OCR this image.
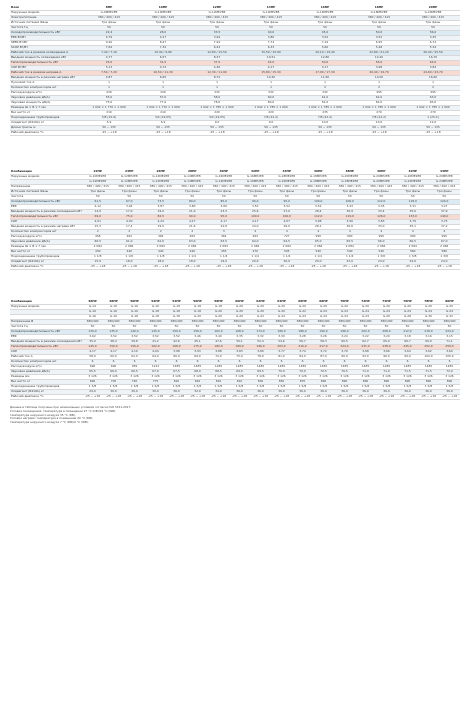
Блок	8HP	10HP	12HP	14HP	16HP	18HP	20HP
Наружные модели	G-08MЕ2E8	G-10MЕ2E8	G-12MЕ2E8	G-14MЕ2E8	G-16MЕ2E8	G-18MЕ2E8	G-20MЕ2E8
Электропитание	380 / 400 / 415	380 / 400 / 415	380 / 400 / 415	380 / 400 / 415	380 / 400 / 415	380 / 400 / 415	380 / 400 / 415
Источник питания Фазы	Три фазы	Три фазы	Три фазы	Три фазы	Три фазы	Три фазы	Три фазы
Частота Гц	50	50	50	50	50	50	50
Холодопроизводительность кВт	22,4	28,0	33,5	40,0	45,0	50,0	56,0
EER Вт/Вт	4,79	4,27	3,94	3,80	3,52	3,52	3,35
SEER Вт/Вт	9,20	8,47	7,94	7,74	7,19	6,95	6,74
SCOP Вт/Вт	7,64	7,32	6,43	6,33	5,60	5,48	5,34
Рабочий ток в режиме охлаждения A	7,40 / 7,16	10,30 / 9,80	12,80 / 12,50	15,50 / 15,90	20,10 / 19,40	22,80 / 21,20	26,40 / 25,50
Вводная мощность охлаждения кВт	4,77	6,57	8,37	10,51	12,80	14,20	16,70
Теплопроизводительность кВт	25,0	31,5	37,5	45,0	50,0	56,0	63,0
COP Вт/Вт	5,13	4,74	4,30	4,17	4,17	3,98	3,83
Рабочий ток в режиме нагрева A	7,54 / 7,29	10,50 / 11,30	12,30 / 11,90	15,80 / 15,30	17,90 / 17,30	20,40 / 19,70	24,60 / 23,70
Вводная мощность в режиме нагрева кВт	4,87	6,65	8,72	10,40	11,60	14,00	16,60
Пусковой ток A	1	1	1	1	1	1	1
Количество компрессоров шт	1	1	1	1	2	2	2
Расход воздуха м³/ч	226	226	232	232	232	495	495
Звуковое давление дБ(А)	55,0	57,0	58,0	60,0	61,0	62,0	63,0
Звуковая мощность дБ(А)	75,0	77,0	78,0	80,0	81,0	82,0	83,0
Размеры Ш × В × Г мм	1 042 × 1 770 × 1 000	1 042 × 1 770 × 1 000	1 042 × 1 785 × 1 000	1 042 × 1 785 × 1 000	1 042 × 1 785 × 1 000	1 042 × 1 785 × 1 000	1 042 × 1 785 × 1 000
Вес нетто кг	210	210	220	220	235	270	270
Подсоединение трубопроводов	5/8 (15,9)	3/4 (19,05)	3/4 (19,05)	7/8 (22,2)	7/8 (22,2)	7/8 (22,2)	1 (25,4)
Хладагент (R410A) кг	5,9	6,9	9,0	9,0	10,0	10,0	12,0
Длина трассы м	50 ~ 135	50 ~ 135	50 ~ 135	50 ~ 135	50 ~ 135	50 ~ 135	50 ~ 135
Рабочий диапазон °C	-25 ~ +18	-25 ~ +18	-25 ~ +18	-25 ~ +18	-25 ~ +18	-25 ~ +18	-25 ~ +18
Комбинация	22HP	24HP	26HP	28HP	30HP	32HP	34HP	36HP	38HP	40HP	42HP	44HP
Наружные модели	G-10MЕ2E8	G-12MЕ2E8	G-14MЕ2E8	G-14MЕ2E8	G-16MЕ2E8	G-16MЕ2E8	G-18MЕ2E8	G-18MЕ2E8	G-20MЕ2E8	G-20MЕ2E8	G-20MЕ2E8	G-20MЕ2E8
	G-12MЕ2E8	G-12MЕ2E8	G-12MЕ2E8	G-14MЕ2E8	G-14MЕ2E8	G-16MЕ2E8	G-16MЕ2E8	G-18MЕ2E8	G-18MЕ2E8	G-20MЕ2E8	G-22MЕ2E8	G-24MЕ2E8
Напряжение	380 / 400 / 415	380 / 400 / 415	380 / 400 / 415	380 / 400 / 415	380 / 400 / 415	380 / 400 / 415	380 / 400 / 415	380 / 400 / 415	380 / 400 / 415	380 / 400 / 415	380 / 400 / 415	380 / 400 / 415
Источник питания Фазы	Три фазы	Три фазы	Три фазы	Три фазы	Три фазы	Три фазы	Три фазы	Три фазы	Три фазы	Три фазы	Три фазы	Три фазы
Частота	50	50	50	50	50	50	50	50	50	50	50	50
Холодопроизводительность кВт	61,5	67,0	73,5	80,0	85,0	90,0	95,0	100,0	106,0	112,0	118,0	124,0
EER	4,12	3,94	3,87	3,80	3,66	3,52	3,52	3,52	3,43	3,35	3,31	3,27
Вводная мощность в режиме охлаждения кВт	14,9	17,0	19,0	21,0	23,3	25,6	27,0	28,4	30,9	33,4	35,6	37,9
Теплопроизводительность кВт	69,0	75,0	82,5	90,0	95,0	100,0	106,0	112,0	119,0	126,0	133,0	140,0
COP	4,51	4,30	4,24	4,17	4,17	4,17	4,07	3,98	3,90	3,83	3,79	3,75
Вводная мощность в режиме нагрева кВт	15,3	17,4	19,5	21,6	22,8	24,0	26,0	28,1	30,6	33,0	35,1	37,2
Количество компрессоров шт	2	2	2	2	3	4	4	4	4	4	4	4
Расход воздуха м³/ч	458	464	464	464	464	464	727	990	990	990	990	990
Звуковое давление дБ(А)	60,5	61,0	62,0	63,0	63,5	64,0	64,5	65,0	65,5	66,0	66,5	67,0
Размеры Ш × В × Г мм	2 084	2 084	2 084	2 084	2 084	2 084	2 084	2 084	2 084	2 084	2 084	2 084
Вес нетто кг	430	440	440	440	455	470	505	540	540	540	560	580
Подсоединение трубопроводов	1 1/8	1 1/8	1 1/8	1 1/4	1 1/4	1 1/4	1 1/4	1 1/4	1 1/4	1 3/8	1 3/8	1 3/8
Хладагент (R410A) кг	15,9	18,0	18,0	18,0	19,0	20,0	20,0	20,0	22,0	24,0	24,0	24,0
Рабочий диапазон °C	-25 ~ +18	-25 ~ +18	-25 ~ +18	-25 ~ +18	-25 ~ +18	-25 ~ +18	-25 ~ +18	-25 ~ +18	-25 ~ +18	-25 ~ +18	-25 ~ +18	-25 ~ +18
Комбинация	46HP	48HP	50HP	52HP	54HP	56HP	58HP	60HP	62HP	64HP	66HP	68HP	70HP	72HP	74HP	76HP	78HP	80HP
Наружные модели	G-14	G-16	G-16	G-16	G-18	G-18	G-18	G-20	G-20	G-20	G-20	G-20	G-20	G-20	G-20	G-20	G-20	G-20
	G-16	G-16	G-16	G-18	G-18	G-18	G-20	G-20	G-20	G-20	G-22	G-24	G-24	G-24	G-24	G-24	G-24	G-24
	G-16	G-16	G-18	G-18	G-18	G-20	G-20	G-20	G-22	G-24	G-24	G-24	G-24	G-24	G-26	G-28	G-30	G-32
Напряжение В	380/400	380/400	380/400	380/400	380/400	380/400	380/400	380/400	380/400	380/400	380/400	380/400	380/400	380/400	380/400	380/400	380/400	380/400
Частота Гц	50	50	50	50	50	50	50	50	50	50	50	50	50	50	50	50	50	50
Холодопроизводительность кВт	130,0	135,0	140,0	145,0	150,0	156,0	162,0	168,0	174,0	180,0	186,0	190,0	196,0	202,0	208,0	212,0	218,0	224,0
EER	3,62	3,52	3,52	3,52	3,52	3,46	3,40	3,35	3,32	3,30	3,28	3,26	3,24	3,22	3,20	3,18	3,16	3,15
Вводная мощность в режиме охлаждения кВт	35,9	38,4	39,8	41,2	42,6	45,1	47,6	50,1	52,4	54,6	56,7	58,3	60,5	62,7	65,0	66,7	69,0	71,1
Теплопроизводительность кВт	145,0	150,0	156,0	162,0	168,0	175,0	182,0	189,0	196,0	203,0	210,0	217,0	224,0	231,0	238,0	245,0	252,0	259,0
COP	4,17	4,17	4,10	4,04	3,98	3,93	3,88	3,83	3,80	3,77	3,74	3,72	3,70	3,68	3,66	3,64	3,62	3,60
Рабочий ток A	58,0	60,0	62,0	64,0	66,0	69,0	72,0	75,0	78,0	81,0	84,0	87,0	90,0	93,0	96,0	99,0	102,0	105,0
Количество компрессоров шт	6	6	6	6	6	6	6	6	6	6	6	6	6	6	6	6	6	6
Расход воздуха м³/ч	696	696	959	1222	1485	1485	1485	1485	1485	1485	1485	1485	1485	1485	1485	1485	1485	1485
Звуковое давление дБ(А)	65,5	66,0	66,5	67,0	67,5	68,0	68,5	69,0	69,5	70,0	70,0	70,5	70,5	71,0	71,0	71,5	71,5	72,0
Размеры мм	3 126	3 126	3 126	3 126	3 126	3 126	3 126	3 126	3 126	3 126	3 126	3 126	3 126	3 126	3 126	3 126	3 126	3 126
Вес нетто кг	690	705	740	775	810	810	810	810	830	850	870	890	890	890	890	890	890	890
Подсоединение трубопроводов	1 3/8	1 3/8	1 3/8	1 5/8	1 5/8	1 5/8	1 5/8	1 5/8	1 5/8	1 5/8	1 5/8	1 5/8	1 5/8	1 5/8	1 5/8	1 5/8	1 5/8	1 5/8
Хладагент (R410A) кг	29,0	30,0	30,0	30,0	30,0	32,0	34,0	36,0	36,0	36,0	36,0	36,0	36,0	36,0	36,0	36,0	36,0	36,0
Рабочий диапазон °C	-25 ~ +18	-25 ~ +18	-25 ~ +18	-25 ~ +18	-25 ~ +18	-25 ~ +18	-25 ~ +18	-25 ~ +18	-25 ~ +18	-25 ~ +18	-25 ~ +18	-25 ~ +18	-25 ~ +18	-25 ~ +18	-25 ~ +18	-25 ~ +18	-25 ~ +18	-25 ~ +18
Данные в таблице получены при номинальных условиях согласно ISO 5151-2017:
Условия охлаждения: температура в помещении 27 °C (DB)/19 °C (WB);
температура наружного воздуха 35 °C (DB).
Условия нагрева: температура в помещении 20 °C (DB);
температура наружного воздуха 7 °C (DB)/6 °C (WB).
